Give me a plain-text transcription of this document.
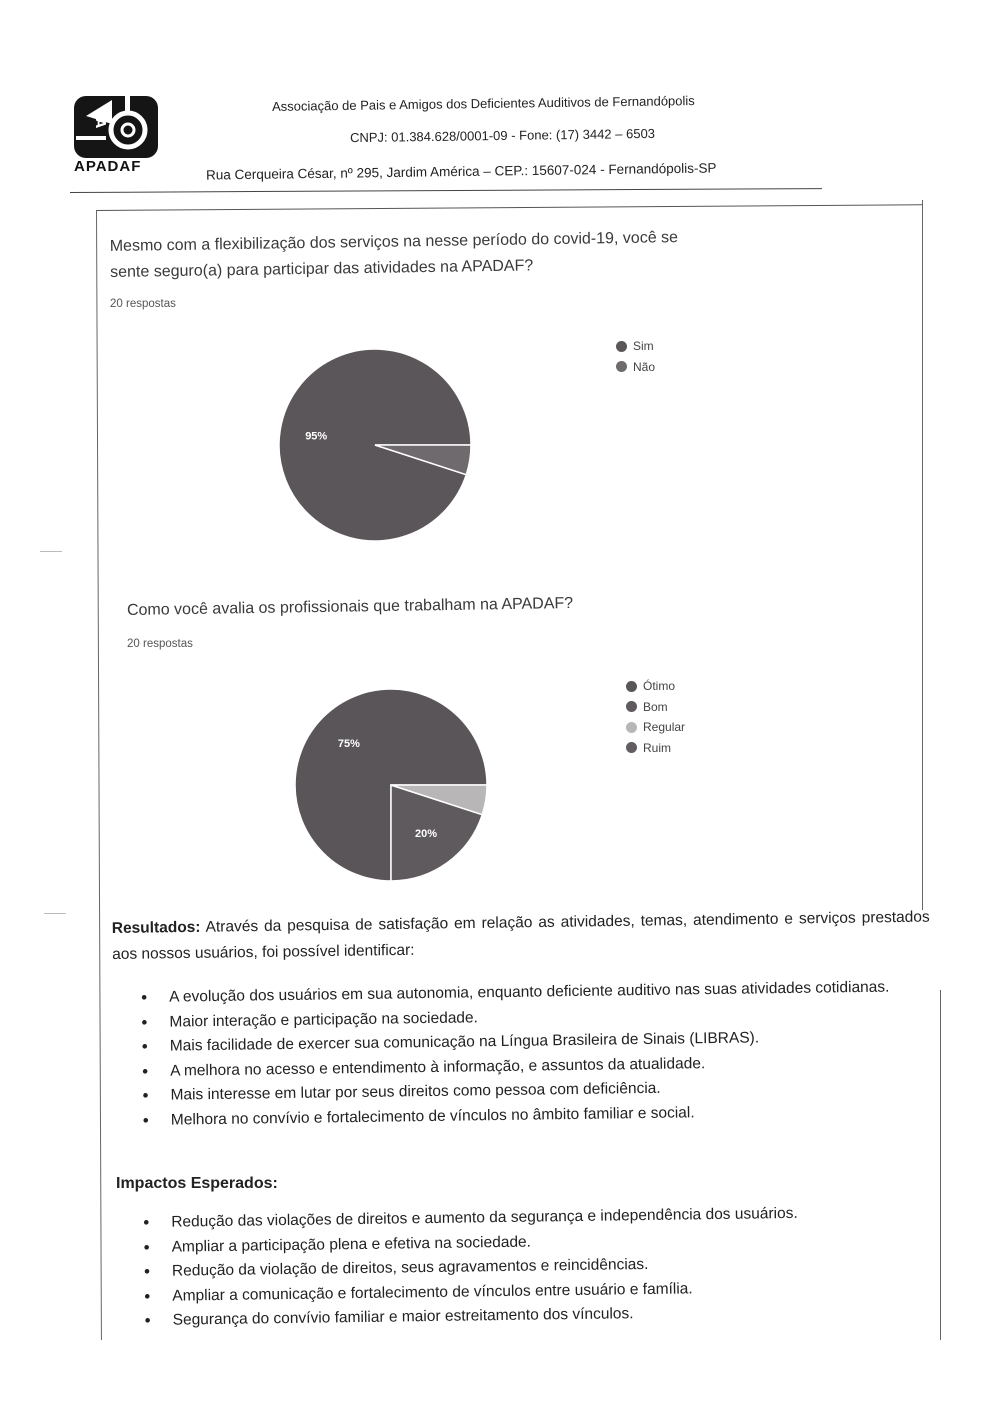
A
APADAF
Associação de Pais e Amigos dos Deficientes Auditivos de Fernandópolis
CNPJ: 01.384.628/0001-09 - Fone: (17) 3442 – 6503
Rua Cerqueira César, nº 295, Jardim América – CEP.: 15607-024 - Fernandópolis-SP
Mesmo com a flexibilização dos serviços na nesse período do covid-19, você se
sente seguro(a) para participar das atividades na APADAF?
20 respostas
95%
Sim
Não
Como você avalia os profissionais que trabalham na APADAF?
20 respostas
75%
20%
Ótimo
Bom
Regular
Ruim
Resultados: Através da pesquisa de satisfação em relação as atividades, temas, atendimento e serviços prestados aos nossos usuários, foi possível identificar:
• A evolução dos usuários em sua autonomia, enquanto deficiente auditivo nas suas atividades cotidianas.
• Maior interação e participação na sociedade.
• Mais facilidade de exercer sua comunicação na Língua Brasileira de Sinais (LIBRAS).
• A melhora no acesso e entendimento à informação, e assuntos da atualidade.
• Mais interesse em lutar por seus direitos como pessoa com deficiência.
• Melhora no convívio e fortalecimento de vínculos no âmbito familiar e social.
Impactos Esperados:
• Redução das violações de direitos e aumento da segurança e independência dos usuários.
• Ampliar a participação plena e efetiva na sociedade.
• Redução da violação de direitos, seus agravamentos e reincidências.
• Ampliar a comunicação e fortalecimento de vínculos entre usuário e família.
• Segurança do convívio familiar e maior estreitamento dos vínculos.
